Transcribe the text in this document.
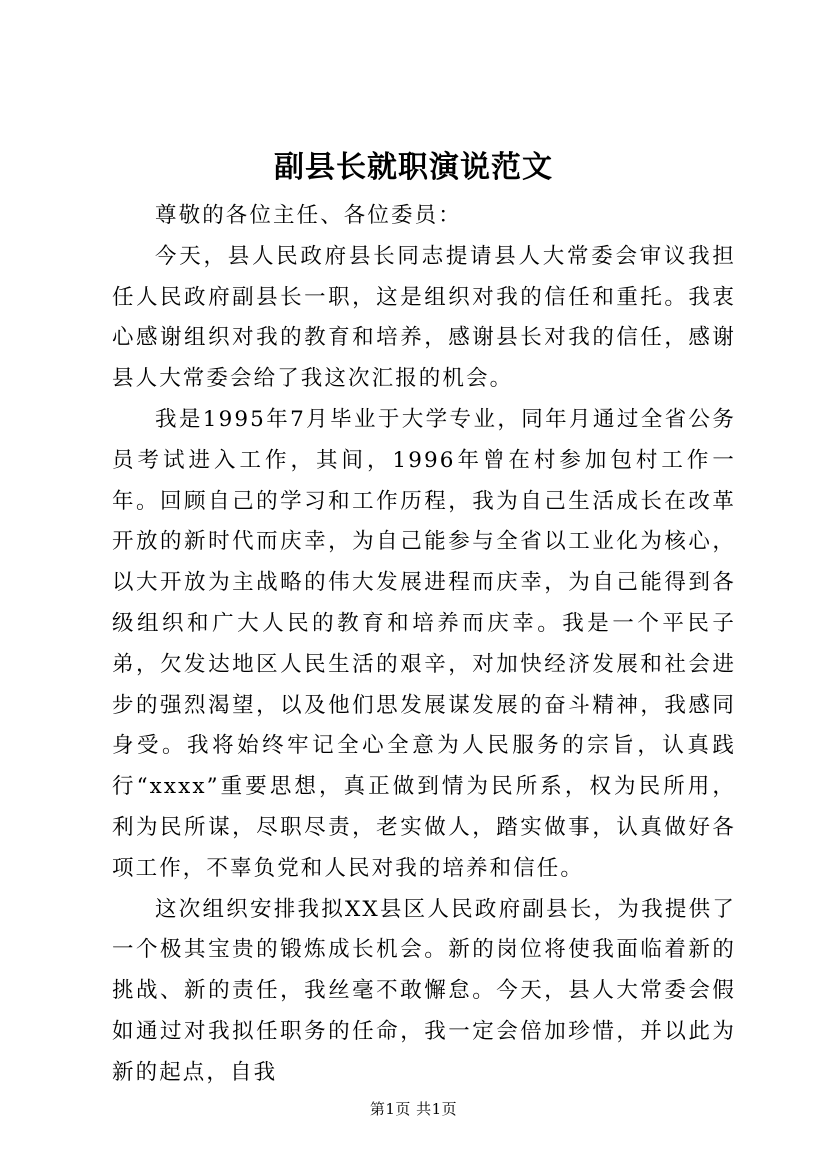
副县长就职演说范文

尊敬的各位主任、各位委员：

今天，县人民政府县长同志提请县人大常委会审议我担任人民政府副县长一职，这是组织对我的信任和重托。我衷心感谢组织对我的教育和培养，感谢县长对我的信任，感谢县人大常委会给了我这次汇报的机会。

我是1995年7月毕业于大学专业，同年月通过全省公务员考试进入工作，其间，1996年曾在村参加包村工作一年。回顾自己的学习和工作历程，我为自己生活成长在改革开放的新时代而庆幸，为自己能参与全省以工业化为核心，以大开放为主战略的伟大发展进程而庆幸，为自己能得到各级组织和广大人民的教育和培养而庆幸。我是一个平民子弟，欠发达地区人民生活的艰辛，对加快经济发展和社会进步的强烈渴望，以及他们思发展谋发展的奋斗精神，我感同身受。我将始终牢记全心全意为人民服务的宗旨，认真践行“xxxx”重要思想，真正做到情为民所系，权为民所用，利为民所谋，尽职尽责，老实做人，踏实做事，认真做好各项工作，不辜负党和人民对我的培养和信任。

这次组织安排我拟XX县区人民政府副县长，为我提供了一个极其宝贵的锻炼成长机会。新的岗位将使我面临着新的挑战、新的责任，我丝毫不敢懈怠。今天，县人大常委会假如通过对我拟任职务的任命，我一定会倍加珍惜，并以此为新的起点，自我

第1页 共1页
